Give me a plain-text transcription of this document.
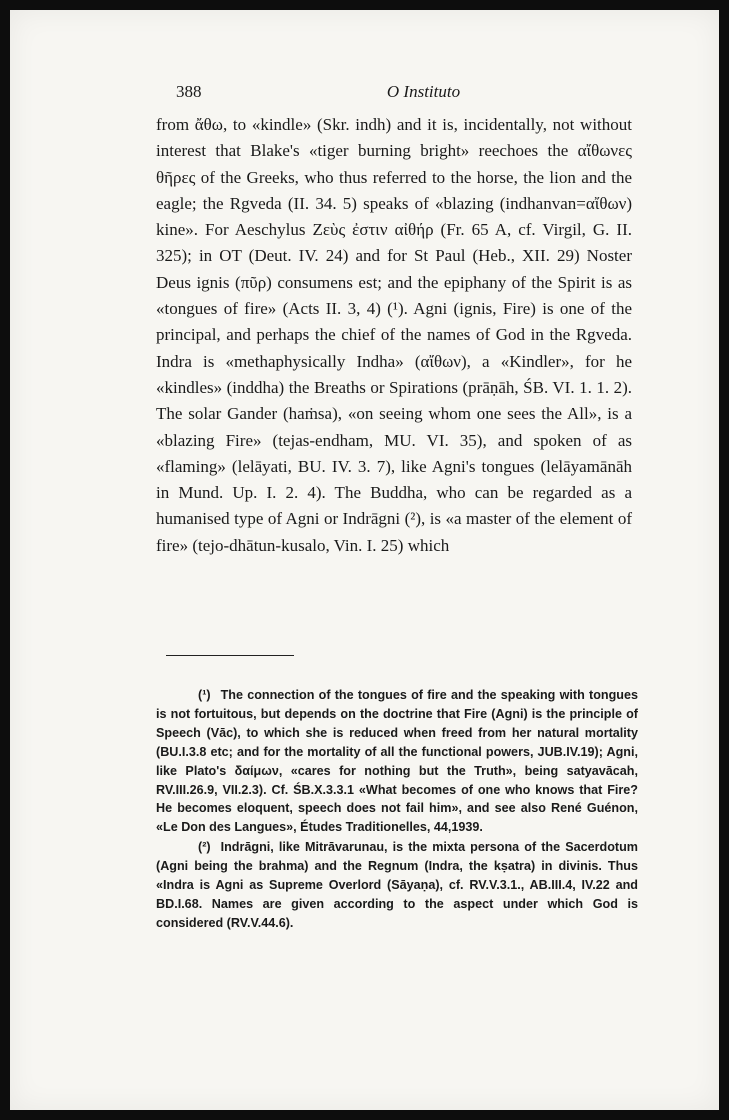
388	O Instituto

from ἄθω, to «kindle» (Skr. indh) and it is, incidentally, not without interest that Blake's «tiger burning bright» reechoes the αἴθωνες θῆρες of the Greeks, who thus referred to the horse, the lion and the eagle; the Rgveda (II. 34. 5) speaks of «blazing (indhanvan=αἴθων) kine». For Aeschylus Ζεὺς ἐστιν αἰθήρ (Fr. 65 A, cf. Virgil, G. II. 325); in OT (Deut. IV. 24) and for St Paul (Heb., XII. 29) Noster Deus ignis (πῦρ) consumens est; and the epiphany of the Spirit is as «tongues of fire» (Acts II. 3, 4) (¹). Agni (ignis, Fire) is one of the principal, and perhaps the chief of the names of God in the Rgveda. Indra is «methaphysically Indha» (αἴθων), a «Kindler», for he «kindles» (inddha) the Breaths or Spirations (prāṇāh, ŚB. VI. 1. 1. 2). The solar Gander (haṁsa), «on seeing whom one sees the All», is a «blazing Fire» (tejas-endham, MU. VI. 35), and spoken of as «flaming» (lelāyati, BU. IV. 3. 7), like Agni's tongues (lelāyamānāh in Mund. Up. I. 2. 4). The Buddha, who can be regarded as a humanised type of Agni or Indrāgni (²), is «a master of the element of fire» (tejo-dhātun-kusalo, Vin. I. 25) which

(¹) The connection of the tongues of fire and the speaking with tongues is not fortuitous, but depends on the doctrine that Fire (Agni) is the principle of Speech (Vāc), to which she is reduced when freed from her natural mortality (BU.I.3.8 etc; and for the mortality of all the functional powers, JUB.IV.19); Agni, like Plato's δαίμων, «cares for nothing but the Truth», being satyavācah, RV.III.26.9, VII.2.3). Cf. ŚB.X.3.3.1 «What becomes of one who knows that Fire? He becomes eloquent, speech does not fail him», and see also René Guénon, «Le Don des Langues», Études Traditionelles, 44,1939.

(²) Indrāgni, like Mitrāvarunau, is the mixta persona of the Sacerdotum (Agni being the brahma) and the Regnum (Indra, the kṣatra) in divinis. Thus «Indra is Agni as Supreme Overlord (Sāyaṇa), cf. RV.V.3.1., AB.III.4, IV.22 and BD.I.68. Names are given according to the aspect under which God is considered (RV.V.44.6).
